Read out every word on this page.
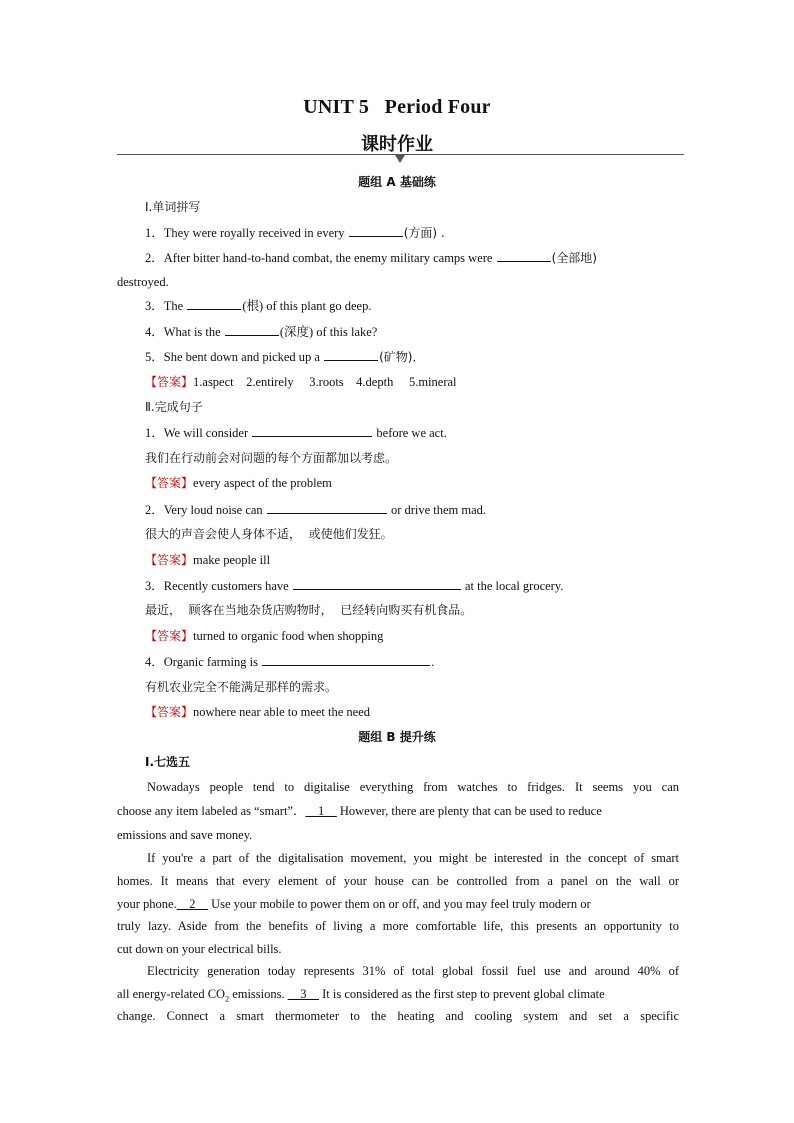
UNIT 5   Period Four
课时作业
题组 A 基础练
Ⅰ.单词拼写
1．They were royally received in every	(方面) .
2．After bitter hand-to-hand combat, the enemy military camps were	(全部地)
destroyed.
3．The	(根) of this plant go deep.
4．What is the	(深度) of this lake?
5．She bent down and picked up a	(矿物)．
【答案】1.aspect    2.entirely     3.roots    4.depth     5.mineral
Ⅱ.完成句子
1．We will consider	before we act.
我们在行动前会对问题的每个方面都加以考虑。
【答案】every aspect of the problem
2．Very loud noise can	or drive them mad.
很大的声音会使人身体不适，  或使他们发狂。
【答案】make people ill
3．Recently customers have	at the local grocery.
最近，  顾客在当地杂货店购物时，  已经转向购买有机食品。
【答案】turned to organic food when shopping
4．Organic farming is	.
有机农业完全不能满足那样的需求。
【答案】nowhere near able to meet the need
题组 B 提升练
Ⅰ.七选五
Nowadays people tend to digitalise everything from watches to fridges. It seems you can
choose any item labeled as “smart”．__1__ However, there are plenty that can be used to reduce
emissions and save money.
If you're a part of the digitalisation movement, you might be interested in the concept of smart
homes. It means that every element of your house can be controlled from a panel on the wall or
your phone.__2__ Use your mobile to power them on or off, and you may feel truly modern or
truly lazy. Aside from the benefits of living a more comfortable life, this presents an opportunity to
cut down on your electrical bills.
Electricity generation today represents 31% of total global fossil fuel use and around 40% of
all energy-related $CO_2$ emissions. __3__ It is considered as the first step to prevent global climate
change. Connect a smart thermometer to the heating and cooling system and set a specific
